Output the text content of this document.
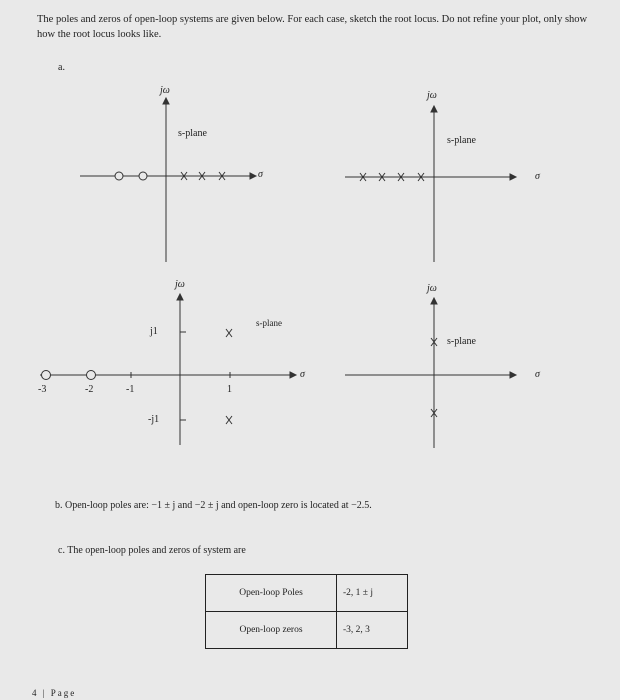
The poles and zeros of open-loop systems are given below. For each case, sketch the root locus. Do not refine your plot, only show how the root locus looks like.
a.
jω
s-plane
σ
jω
s-plane
σ
jω
s-plane
j1
-j1
σ
-3	-2	-1	1
jω
s-plane
σ
b. Open-loop poles are: −1 ± j and −2 ± j and open-loop zero is located at −2.5.
c. The open-loop poles and zeros of system are
Open-loop Poles	-2, 1 ± j
Open-loop zeros	-3, 2, 3
4 | Page
